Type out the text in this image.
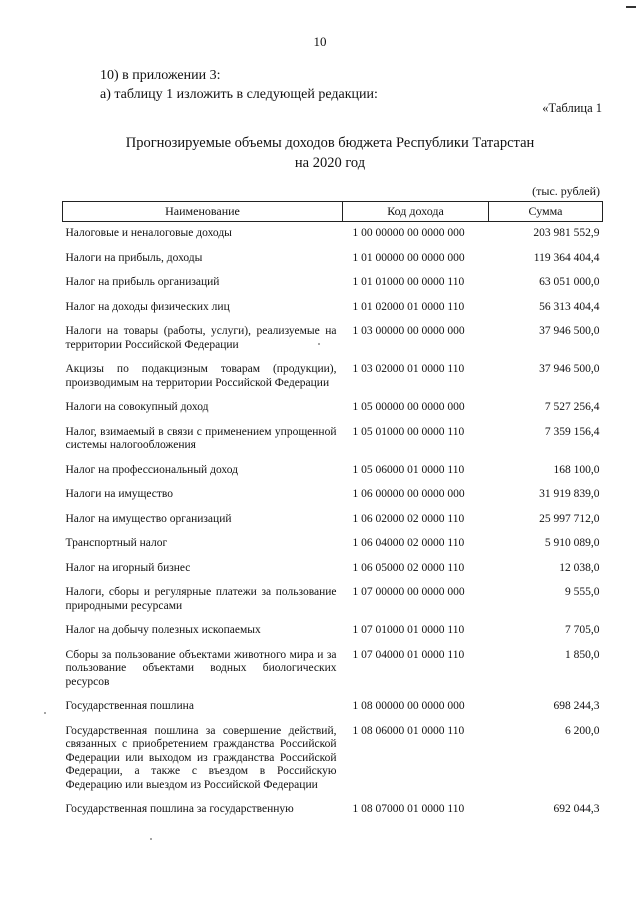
10
10) в приложении 3:
а) таблицу 1 изложить в следующей редакции:
«Таблица 1
Прогнозируемые объемы доходов бюджета Республики Татарстан
на 2020 год
(тыс. рублей)
Наименование	Код дохода	Сумма
Налоговые и неналоговые доходы	1 00 00000 00 0000 000	203 981 552,9
Налоги на прибыль, доходы	1 01 00000 00 0000 000	119 364 404,4
Налог на прибыль организаций	1 01 01000 00 0000 110	63 051 000,0
Налог на доходы физических лиц	1 01 02000 01 0000 110	56 313 404,4
Налоги на товары (работы, услуги), реализуемые на территории Российской Федерации	1 03 00000 00 0000 000	37 946 500,0
Акцизы по подакцизным товарам (продукции), производимым на территории Российской Федерации	1 03 02000 01 0000 110	37 946 500,0
Налоги на совокупный доход	1 05 00000 00 0000 000	7 527 256,4
Налог, взимаемый в связи с применением упрощенной системы налогообложения	1 05 01000 00 0000 110	7 359 156,4
Налог на профессиональный доход	1 05 06000 01 0000 110	168 100,0
Налоги на имущество	1 06 00000 00 0000 000	31 919 839,0
Налог на имущество организаций	1 06 02000 02 0000 110	25 997 712,0
Транспортный налог	1 06 04000 02 0000 110	5 910 089,0
Налог на игорный бизнес	1 06 05000 02 0000 110	12 038,0
Налоги, сборы и регулярные платежи за пользование природными ресурсами	1 07 00000 00 0000 000	9 555,0
Налог на добычу полезных ископаемых	1 07 01000 01 0000 110	7 705,0
Сборы за пользование объектами животного мира и за пользование объектами водных биологических ресурсов	1 07 04000 01 0000 110	1 850,0
Государственная пошлина	1 08 00000 00 0000 000	698 244,3
Государственная пошлина за совершение действий, связанных с приобретением гражданства Российской Федерации или выходом из гражданства Российской Федерации, а также с въездом в Российскую Федерацию или выездом из Российской Федерации	1 08 06000 01 0000 110	6 200,0
Государственная пошлина за государственную	1 08 07000 01 0000 110	692 044,3
